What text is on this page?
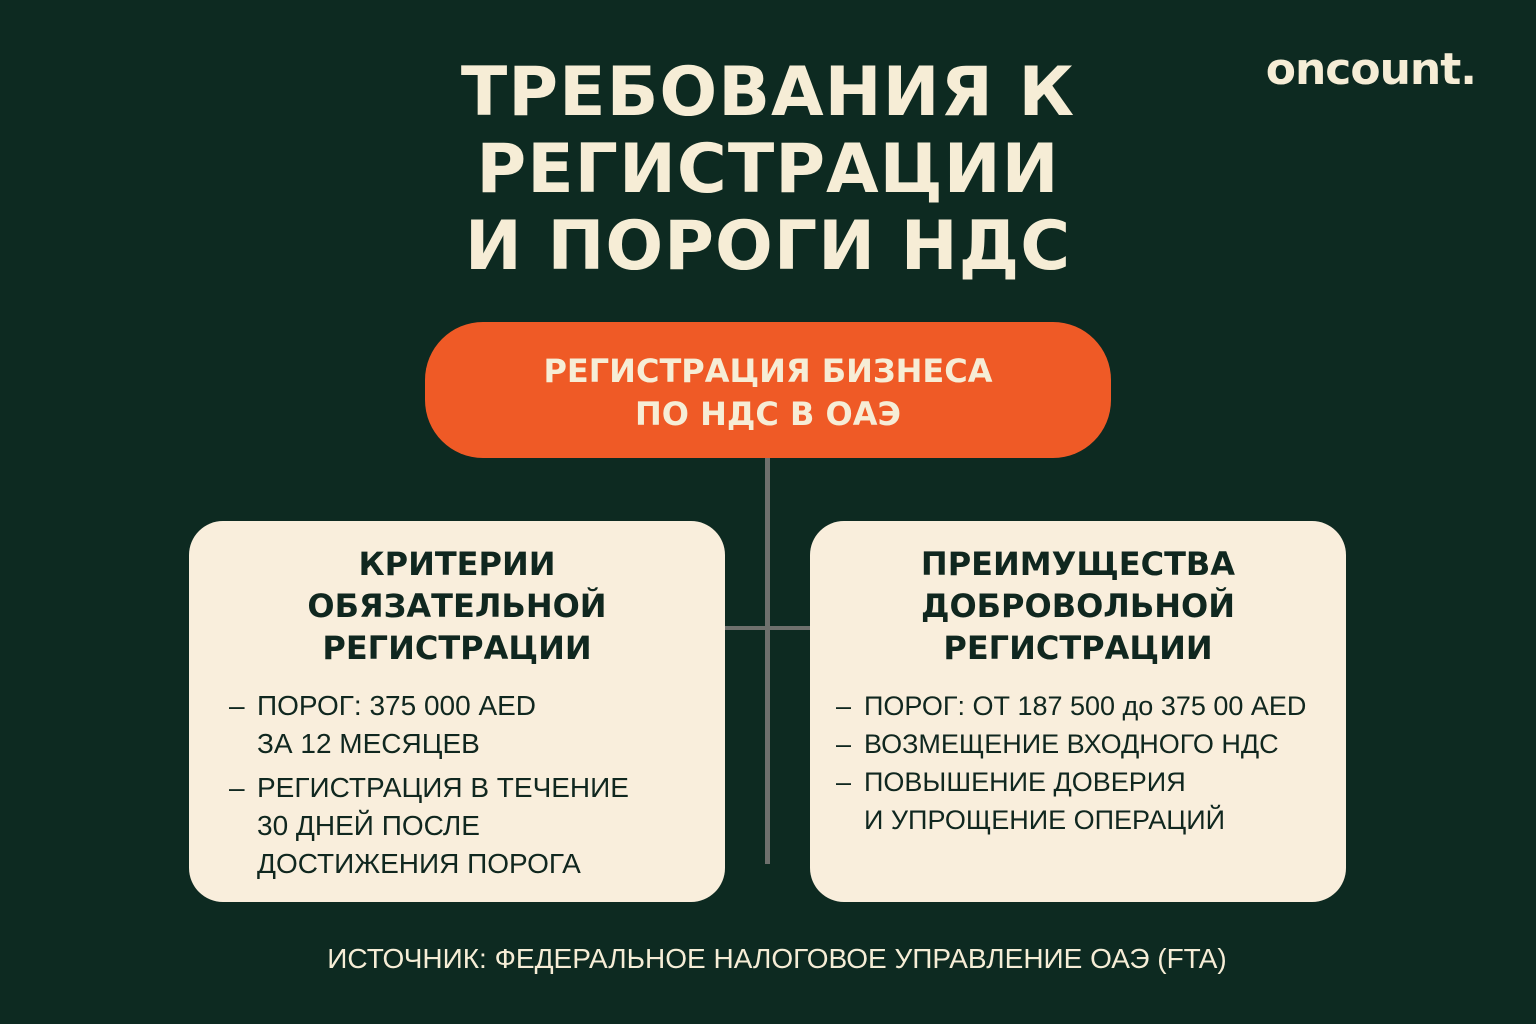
ТРЕБОВАНИЯ К
РЕГИСТРАЦИИ
И ПОРОГИ НДС
oncount.
РЕГИСТРАЦИЯ БИЗНЕСА
ПО НДС В ОАЭ
КРИТЕРИИ
ОБЯЗАТЕЛЬНОЙ
РЕГИСТРАЦИИ
– ПОРОГ: 375 000 AED
ЗА 12 МЕСЯЦЕВ
– РЕГИСТРАЦИЯ В ТЕЧЕНИЕ
30 ДНЕЙ ПОСЛЕ
ДОСТИЖЕНИЯ ПОРОГА
ПРЕИМУЩЕСТВА
ДОБРОВОЛЬНОЙ
РЕГИСТРАЦИИ
– ПОРОГ: ОТ 187 500 до 375 00 AED
– ВОЗМЕЩЕНИЕ ВХОДНОГО НДС
– ПОВЫШЕНИЕ ДОВЕРИЯ
И УПРОЩЕНИЕ ОПЕРАЦИЙ
ИСТОЧНИК: ФЕДЕРАЛЬНОЕ НАЛОГОВОЕ УПРАВЛЕНИЕ ОАЭ (FTA)
